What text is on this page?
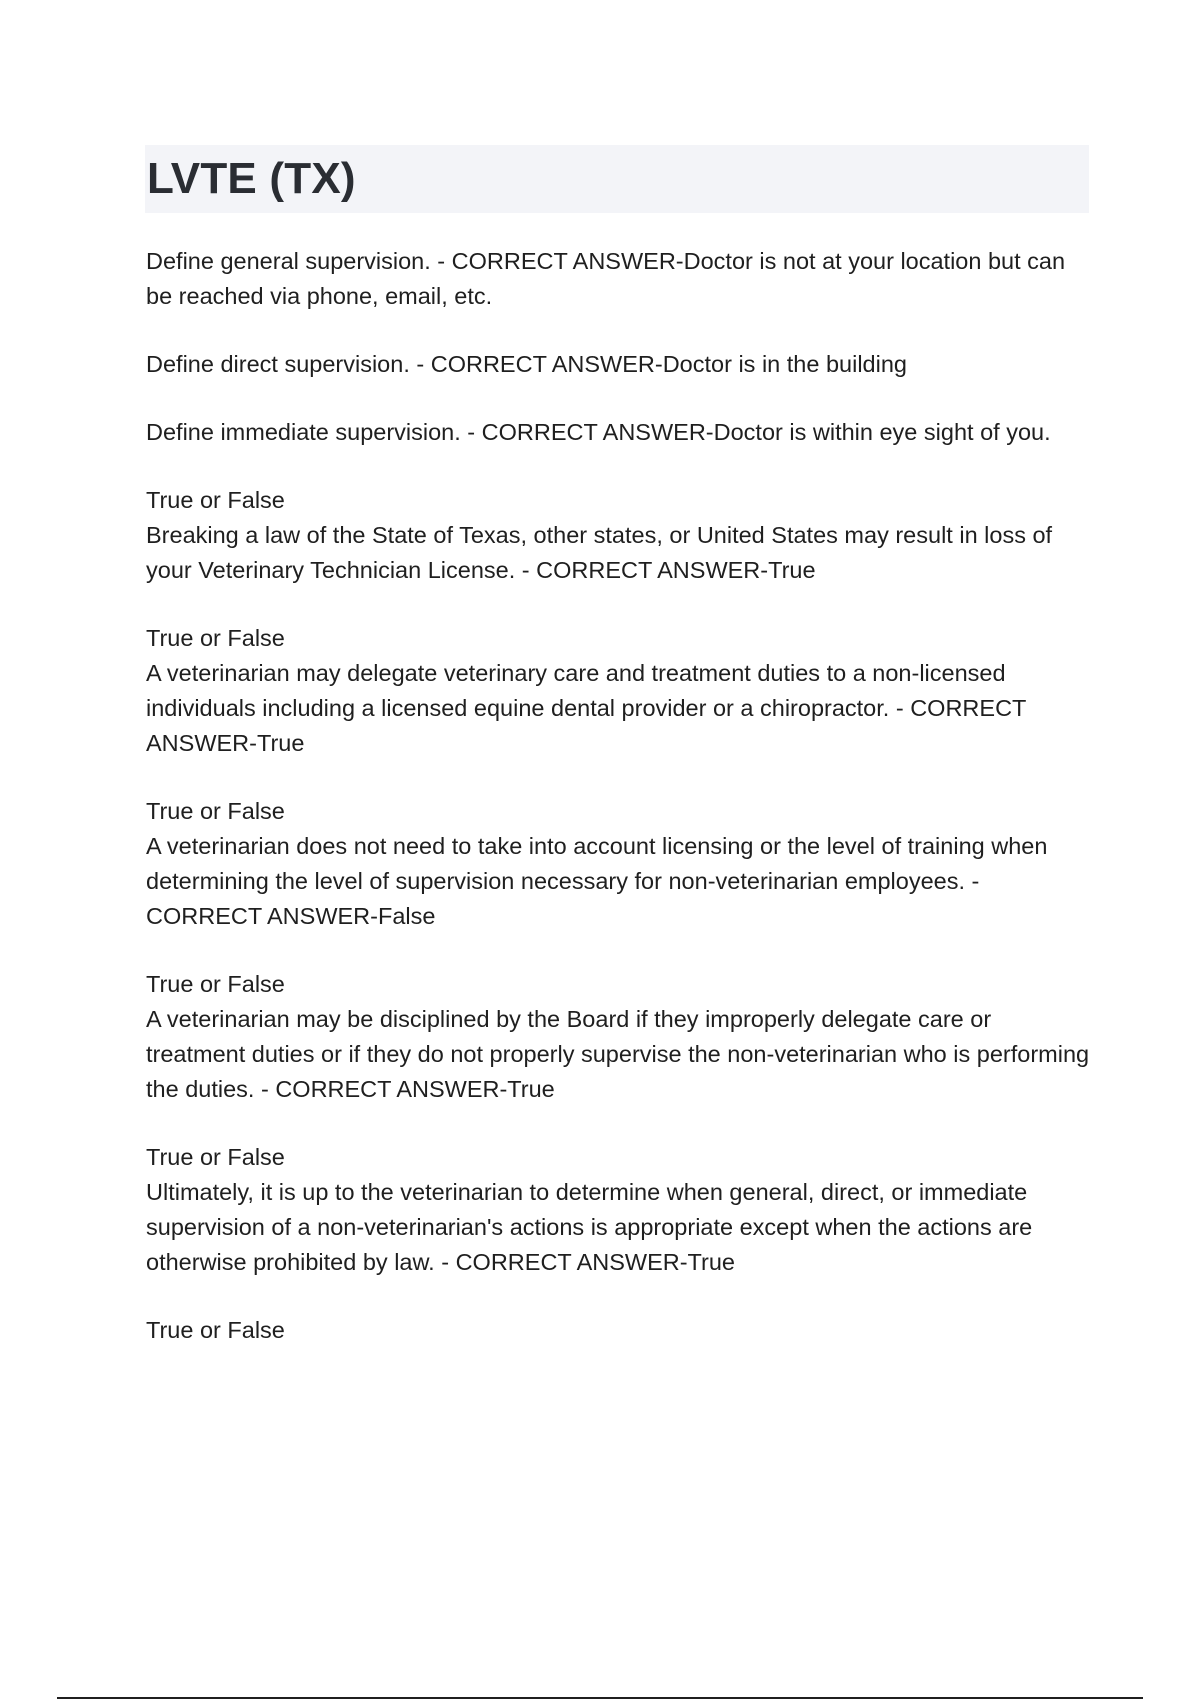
LVTE (TX)

Define general supervision. - CORRECT ANSWER-Doctor is not at your location but can be reached via phone, email, etc.

Define direct supervision. - CORRECT ANSWER-Doctor is in the building

Define immediate supervision. - CORRECT ANSWER-Doctor is within eye sight of you.

True or False
Breaking a law of the State of Texas, other states, or United States may result in loss of your Veterinary Technician License. - CORRECT ANSWER-True

True or False
A veterinarian may delegate veterinary care and treatment duties to a non-licensed individuals including a licensed equine dental provider or a chiropractor. - CORRECT ANSWER-True

True or False
A veterinarian does not need to take into account licensing or the level of training when determining the level of supervision necessary for non-veterinarian employees. - CORRECT ANSWER-False

True or False
A veterinarian may be disciplined by the Board if they improperly delegate care or treatment duties or if they do not properly supervise the non-veterinarian who is performing the duties. - CORRECT ANSWER-True

True or False
Ultimately, it is up to the veterinarian to determine when general, direct, or immediate supervision of a non-veterinarian's actions is appropriate except when the actions are otherwise prohibited by law. - CORRECT ANSWER-True

True or False
